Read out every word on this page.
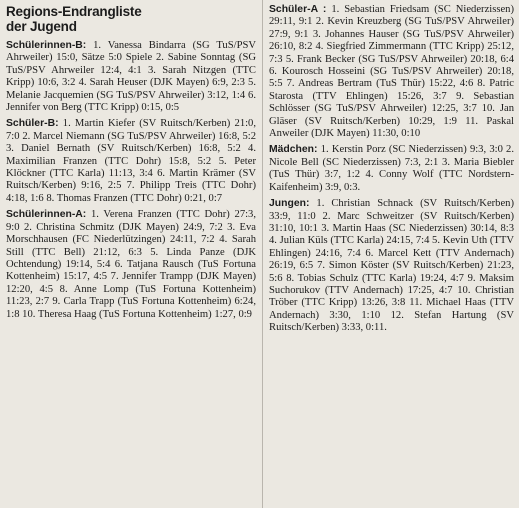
Regions-Endrangliste
der Jugend

Schülerinnen-B: 1. Vanessa Bindarra (SG TuS/PSV Ahrweiler) 15:0, Sätze 5:0 Spiele 2. Sabine Sonntag (SG TuS/PSV Ahrweiler 12:4, 4:1 3. Sarah Nitzgen (TTC Kripp) 10:6, 3:2 4. Sarah Heuser (DJK Mayen) 6:9, 2:3 5. Melanie Jacquemien (SG TuS/PSV Ahrweiler) 3:12, 1:4 6. Jennifer von Berg (TTC Kripp) 0:15, 0:5

Schüler-B: 1. Martin Kiefer (SV Ruitsch/Kerben) 21:0, 7:0 2. Marcel Niemann (SG TuS/PSV Ahrweiler) 16:8, 5:2 3. Daniel Bernath (SV Ruitsch/Kerben) 16:8, 5:2 4. Maximilian Franzen (TTC Dohr) 15:8, 5:2 5. Peter Klöckner (TTC Karla) 11:13, 3:4 6. Martin Krämer (SV Ruitsch/Kerben) 9:16, 2:5 7. Philipp Treis (TTC Dohr) 4:18, 1:6 8. Thomas Franzen (TTC Dohr) 0:21, 0:7

Schülerinnen-A: 1. Verena Franzen (TTC Dohr) 27:3, 9:0 2. Christina Schmitz (DJK Mayen) 24:9, 7:2 3. Eva Morschhausen (FC Niederlützingen) 24:11, 7:2 4. Sarah Still (TTC Bell) 21:12, 6:3 5. Linda Panze (DJK Ochtendung) 19:14, 5:4 6. Tatjana Rausch (TuS Fortuna Kottenheim) 15:17, 4:5 7. Jennifer Trampp (DJK Mayen) 12:20, 4:5 8. Anne Lomp (TuS Fortuna Kottenheim) 11:23, 2:7 9. Carla Trapp (TuS Fortuna Kottenheim) 6:24, 1:8 10. Theresa Haag (TuS Fortuna Kottenheim) 1:27, 0:9

Schüler-A : 1. Sebastian Friedsam (SC Niederzissen) 29:11, 9:1 2. Kevin Kreuzberg (SG TuS/PSV Ahrweiler) 27:9, 9:1 3. Johannes Hauser (SG TuS/PSV Ahrweiler) 26:10, 8:2 4. Siegfried Zimmermann (TTC Kripp) 25:12, 7:3 5. Frank Becker (SG TuS/PSV Ahrweiler) 20:18, 6:4 6. Kourosch Hosseini (SG TuS/PSV Ahrweiler) 20:18, 5:5 7. Andreas Bertram (TuS Thür) 15:22, 4:6 8. Patric Starosta (TTV Ehlingen) 15:26, 3:7 9. Sebastian Schlösser (SG TuS/PSV Ahrweiler) 12:25, 3:7 10. Jan Gläser (SV Ruitsch/Kerben) 10:29, 1:9 11. Paskal Anweiler (DJK Mayen) 11:30, 0:10

Mädchen: 1. Kerstin Porz (SC Niederzissen) 9:3, 3:0 2. Nicole Bell (SC Niederzissen) 7:3, 2:1 3. Maria Biebler (TuS Thür) 3:7, 1:2 4. Conny Wolf (TTC Nordstern-Kaifenheim) 3:9, 0:3.

Jungen: 1. Christian Schnack (SV Ruitsch/Kerben) 33:9, 11:0 2. Marc Schweitzer (SV Ruitsch/Kerben) 31:10, 10:1 3. Martin Haas (SC Niederzissen) 30:14, 8:3 4. Julian Küls (TTC Karla) 24:15, 7:4 5. Kevin Uth (TTV Ehlingen) 24:16, 7:4 6. Marcel Kett (TTV Andernach) 26:19, 6:5 7. Simon Köster (SV Ruitsch/Kerben) 21:23, 5:6 8. Tobias Schulz (TTC Karla) 19:24, 4:7 9. Maksim Suchorukov (TTV Andernach) 17:25, 4:7 10. Christian Tröber (TTC Kripp) 13:26, 3:8 11. Michael Haas (TTV Andernach) 3:30, 1:10 12. Stefan Hartung (SV Ruitsch/Kerben) 3:33, 0:11.
